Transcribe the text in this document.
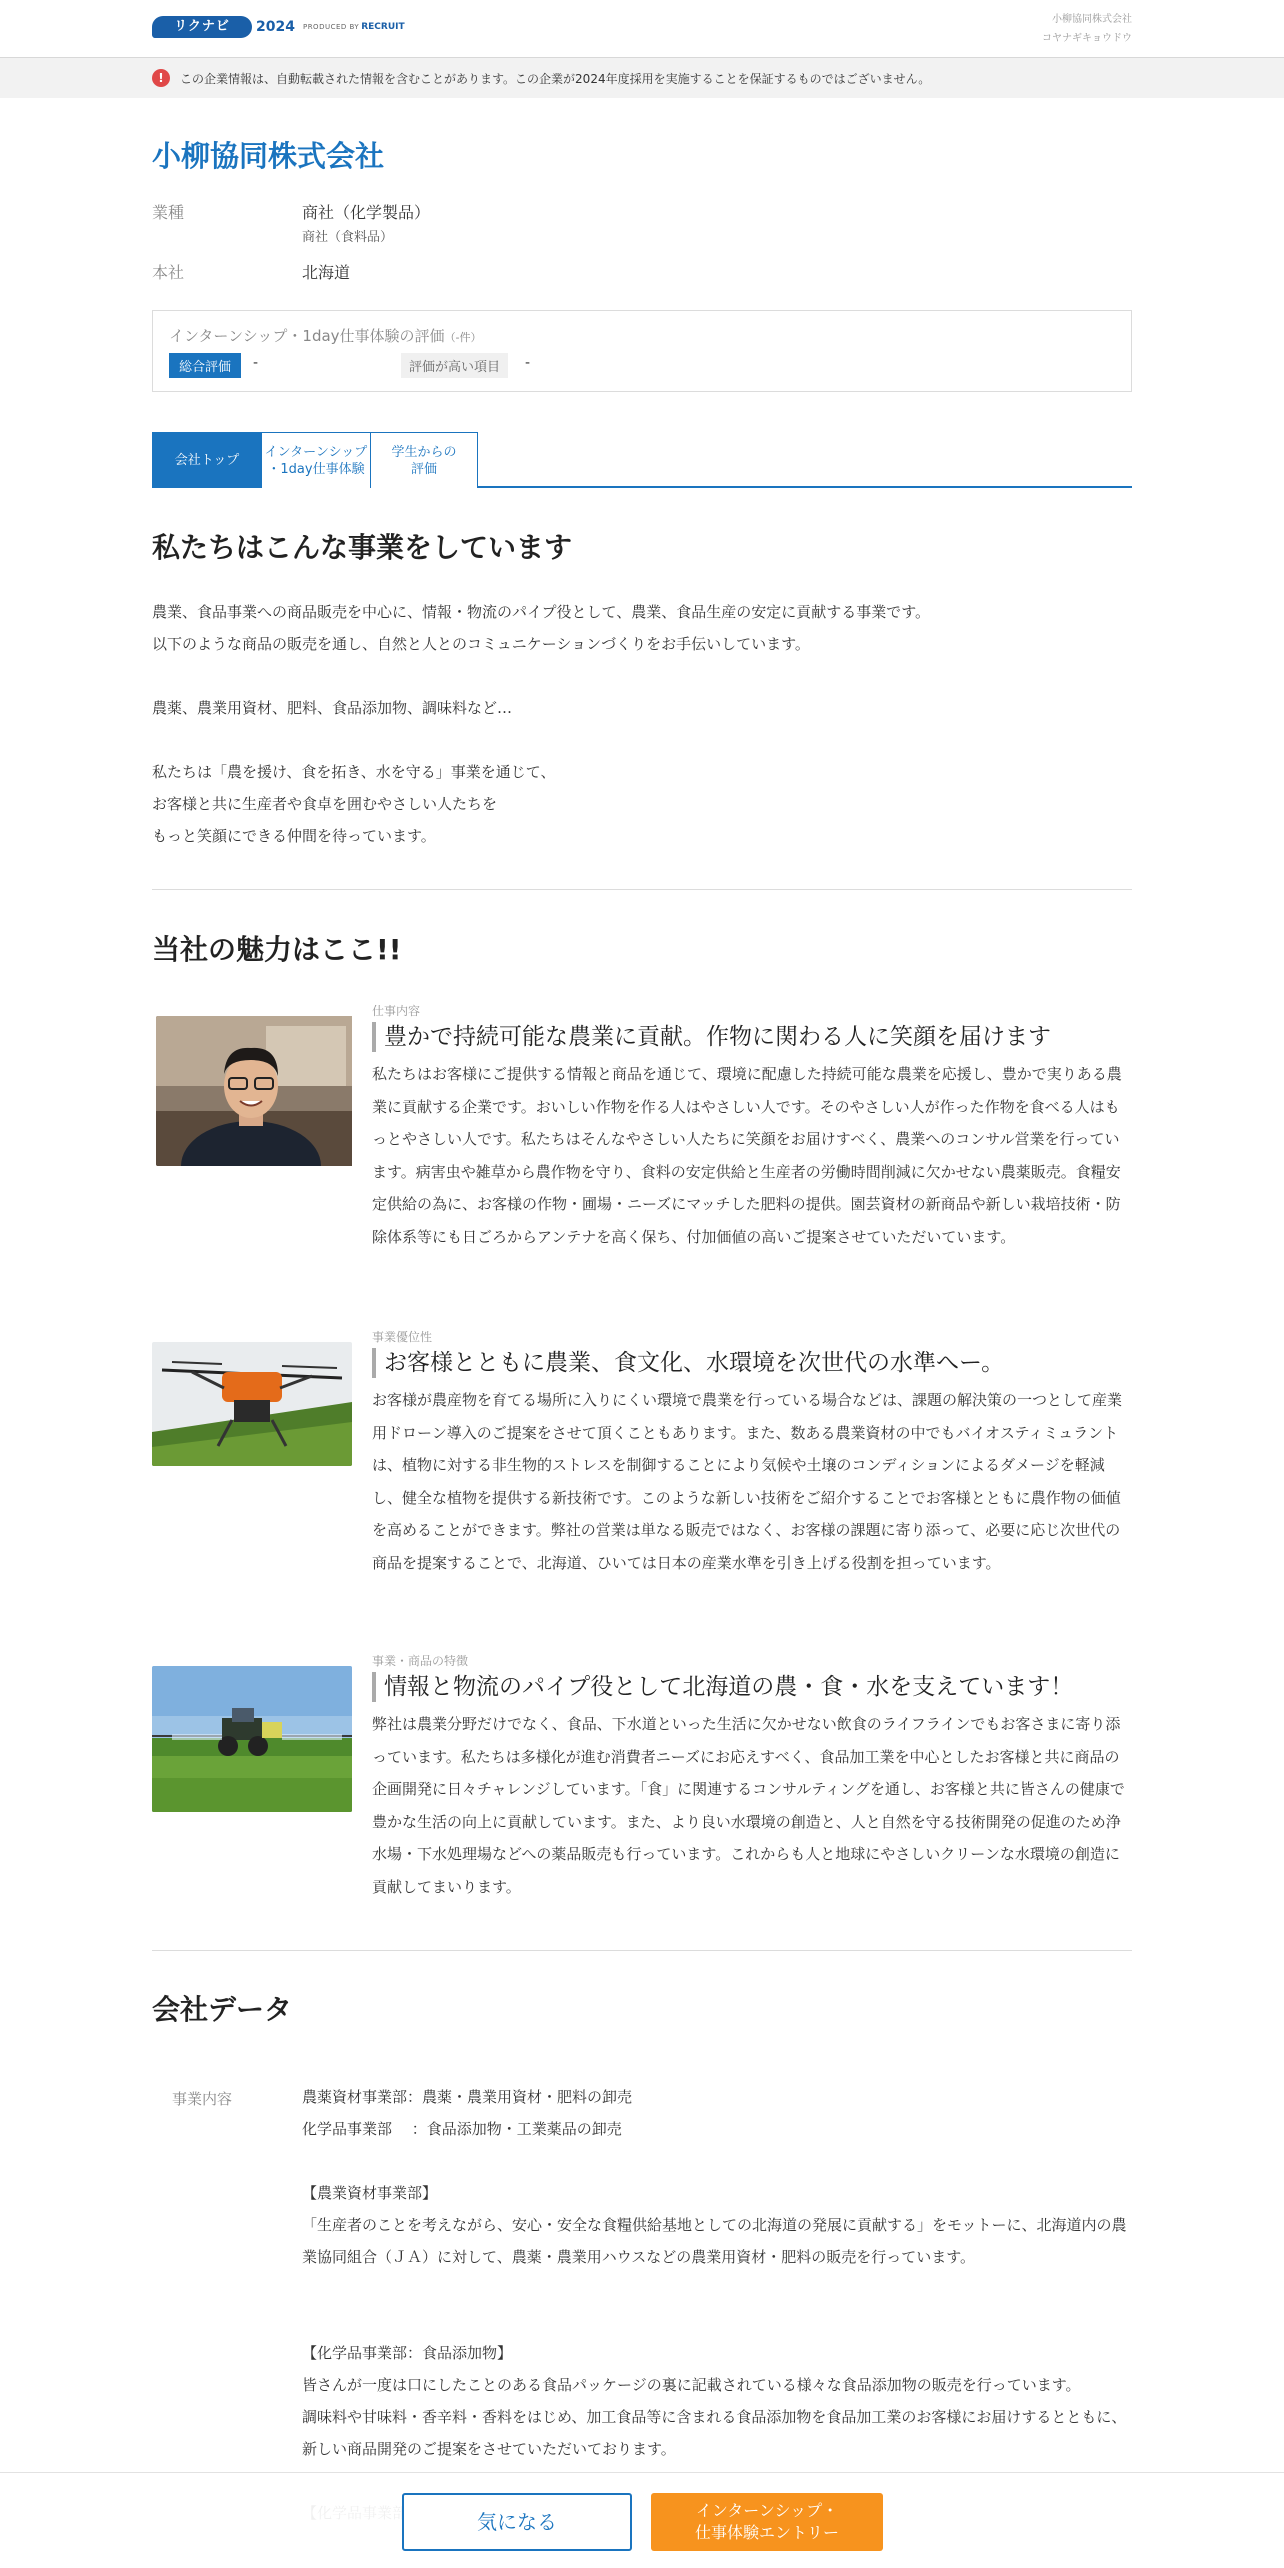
リクナビ	2024 PRODUCED BY RECRUIT
小柳協同株式会社
コヤナギキョウドウ
!	この企業情報は、自動転載された情報を含むことがあります。この企業が2024年度採用を実施することを保証するものではございません。
小柳協同株式会社
業種	商社（化学製品）
商社（食料品）
本社	北海道
インターンシップ・1day仕事体験の評価（-件）
総合評価	-	評価が高い項目	-
会社トップ
インターンシップ
・1day仕事体験
学生からの
評価
私たちはこんな事業をしています
農業、食品事業への商品販売を中心に、情報・物流のパイプ役として、農業、食品生産の安定に貢献する事業です。
以下のような商品の販売を通し、自然と人とのコミュニケーションづくりをお手伝いしています。

農薬、農業用資材、肥料、食品添加物、調味料など…

私たちは「農を援け、食を拓き、水を守る」事業を通じて、
お客様と共に生産者や食卓を囲むやさしい人たちを
もっと笑顔にできる仲間を待っています。
当社の魅力はここ!!
仕事内容
豊かで持続可能な農業に貢献。作物に関わる人に笑顔を届けます
私たちはお客様にご提供する情報と商品を通じて、環境に配慮した持続可能な農業を応援し、豊かで実りある農業に貢献する企業です。おいしい作物を作る人はやさしい人です。そのやさしい人が作った作物を食べる人はもっとやさしい人です。私たちはそんなやさしい人たちに笑顔をお届けすべく、農業へのコンサル営業を行っています。病害虫や雑草から農作物を守り、食料の安定供給と生産者の労働時間削減に欠かせない農薬販売。食糧安定供給の為に、お客様の作物・圃場・ニーズにマッチした肥料の提供。園芸資材の新商品や新しい栽培技術・防除体系等にも日ごろからアンテナを高く保ち、付加価値の高いご提案させていただいています。
事業優位性
お客様とともに農業、食文化、水環境を次世代の水準へー。
お客様が農産物を育てる場所に入りにくい環境で農業を行っている場合などは、課題の解決策の一つとして産業用ドローン導入のご提案をさせて頂くこともあります。また、数ある農業資材の中でもバイオスティミュラントは、植物に対する非生物的ストレスを制御することにより気候や土壌のコンディションによるダメージを軽減し、健全な植物を提供する新技術です。このような新しい技術をご紹介することでお客様とともに農作物の価値を高めることができます。弊社の営業は単なる販売ではなく、お客様の課題に寄り添って、必要に応じ次世代の商品を提案することで、北海道、ひいては日本の産業水準を引き上げる役割を担っています。
事業・商品の特徴
情報と物流のパイプ役として北海道の農・食・水を支えています！
弊社は農業分野だけでなく、食品、下水道といった生活に欠かせない飲食のライフラインでもお客さまに寄り添っています。私たちは多様化が進む消費者ニーズにお応えすべく、食品加工業を中心としたお客様と共に商品の企画開発に日々チャレンジしています。「食」に関連するコンサルティングを通し、お客様と共に皆さんの健康で豊かな生活の向上に貢献しています。また、より良い水環境の創造と、人と自然を守る技術開発の促進のため浄水場・下水処理場などへの薬品販売も行っています。これからも人と地球にやさしいクリーンな水環境の創造に貢献してまいります。
会社データ
事業内容	農薬資材事業部：農薬・農業用資材・肥料の卸売
化学品事業部　 ：食品添加物・工業薬品の卸売

【農業資材事業部】
「生産者のことを考えながら、安心・安全な食糧供給基地としての北海道の発展に貢献する」をモットーに、北海道内の農業協同組合（ＪＡ）に対して、農薬・農業用ハウスなどの農業用資材・肥料の販売を行っています。

【化学品事業部：食品添加物】
皆さんが一度は口にしたことのある食品パッケージの裏に記載されている様々な食品添加物の販売を行っています。
調味料や甘味料・香辛料・香料をはじめ、加工食品等に含まれる食品添加物を食品加工業のお客様にお届けするとともに、新しい商品開発のご提案をさせていただいております。

気になる	インターンシップ・
仕事体験エントリー
